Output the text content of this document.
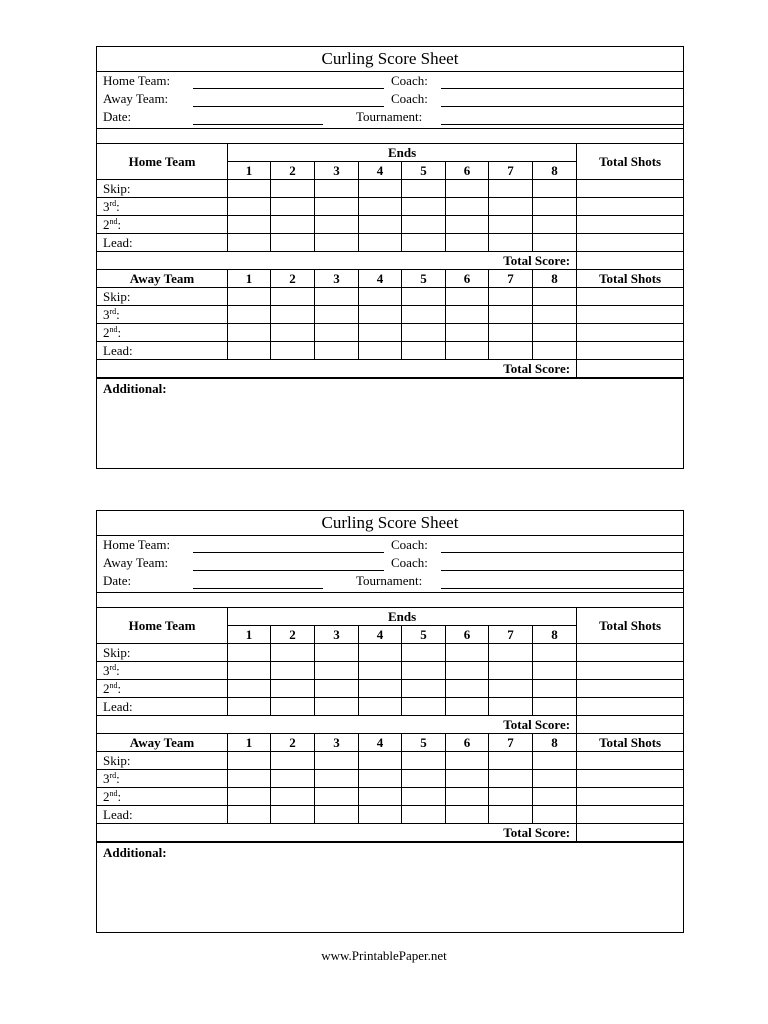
Curling Score Sheet
Home Team:	Coach:
Away Team:	Coach:
Date:	Tournament:
Home Team	Ends								Total Shots
	1	2	3	4	5	6	7	8	
Skip:									
3rd:									
2nd:									
Lead:									
Total Score:									
Away Team	1	2	3	4	5	6	7	8	Total Shots
Skip:									
3rd:									
2nd:									
Lead:									
Total Score:									
Additional:
Curling Score Sheet
Home Team:	Coach:
Away Team:	Coach:
Date:	Tournament:
Home Team	Ends								Total Shots
	1	2	3	4	5	6	7	8	
Skip:									
3rd:									
2nd:									
Lead:									
Total Score:									
Away Team	1	2	3	4	5	6	7	8	Total Shots
Skip:									
3rd:									
2nd:									
Lead:									
Total Score:									
Additional:
www.PrintablePaper.net
